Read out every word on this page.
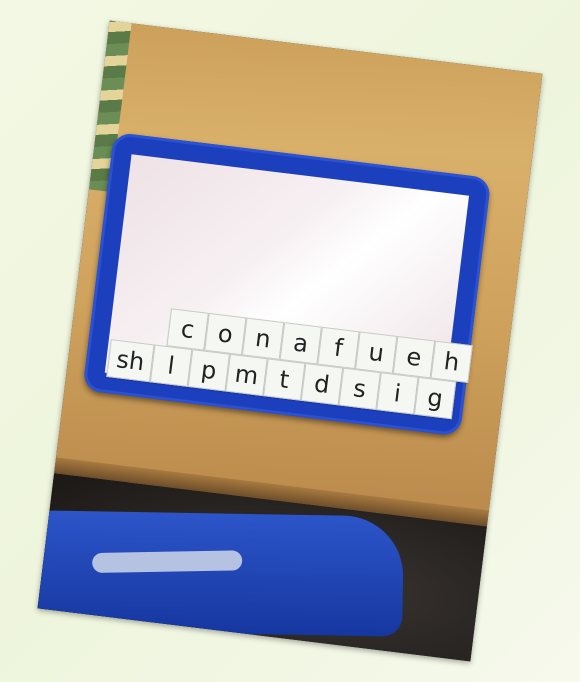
c o n a f u e h
sh l p m t d s	i g
